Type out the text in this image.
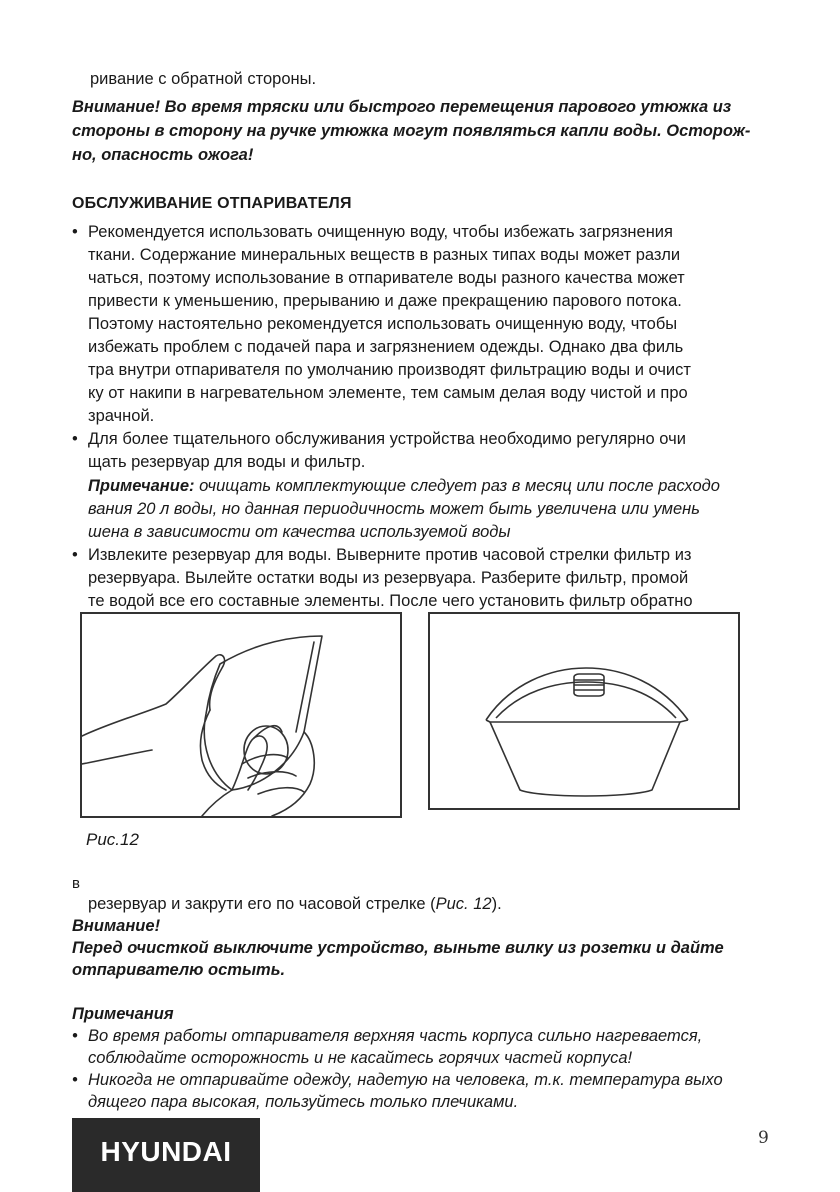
ривание с обратной стороны.
Внимание! Во время тряски или быстрого перемещения парового утюжка из
стороны в сторону на ручке утюжка могут появляться капли воды. Осторож-
но, опасность ожога!
ОБСЛУЖИВАНИЕ ОТПАРИВАТЕЛЯ
• Рекомендуется использовать очищенную воду, чтобы избежать загрязнения
ткани. Содержание минеральных веществ в разных типах воды может разли
чаться, поэтому использование в отпаривателе воды разного качества может
привести к уменьшению, прерыванию и даже прекращению парового потока.
Поэтому настоятельно рекомендуется использовать очищенную воду, чтобы
избежать проблем с подачей пара и загрязнением одежды. Однако два филь
тра внутри отпаривателя по умолчанию производят фильтрацию воды и очист
ку от накипи в нагревательном элементе, тем самым делая воду чистой и про
зрачной.
• Для более тщательного обслуживания устройства необходимо регулярно очи
щать резервуар для воды и фильтр.
Примечание: очищать комплектующие следует раз в месяц или после расходо
вания 20 л воды, но данная периодичность может быть увеличена или умень
шена в зависимости от качества используемой воды
• Извлеките резервуар для воды. Выверните против часовой стрелки фильтр из
резервуара. Вылейте остатки воды из резервуара. Разберите фильтр, промой
те водой все его составные элементы. После чего установить фильтр обратно
Рис.12
в
резервуар и закрути его по часовой стрелке (Рис. 12).
Внимание!
Перед очисткой выключите устройство, выньте вилку из розетки и дайте
отпаривателю остыть.
Примечания
• Во время работы отпаривателя верхняя часть корпуса сильно нагревается,
соблюдайте осторожность и не касайтесь горячих частей корпуса!
• Никогда не отпаривайте одежду, надетую на человека, т.к. температура выхо
дящего пара высокая, пользуйтесь только плечиками.
HYUNDAI	9
